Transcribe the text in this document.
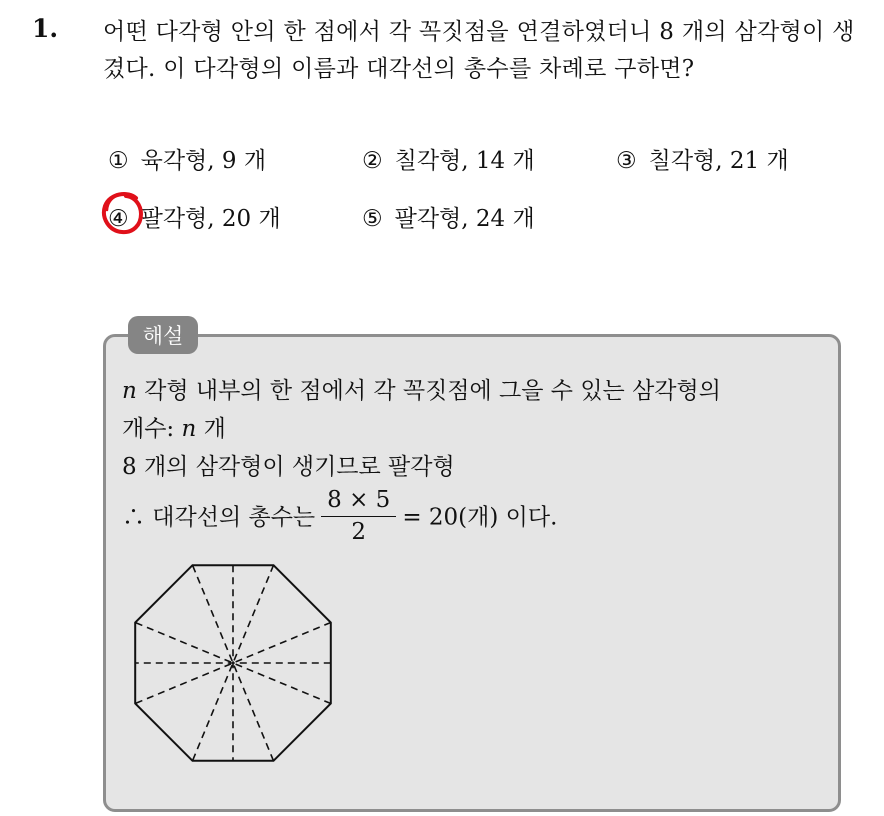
1. 어떤 다각형 안의 한 점에서 각 꼭짓점을 연결하였더니 8 개의 삼각형이 생겼다. 이 다각형의 이름과 대각선의 총수를 차례로 구하면?
① 육각형, 9 개	② 칠각형, 14 개	③ 칠각형, 21 개
④ 팔각형, 20 개	⑤ 팔각형, 24 개
해설
n 각형 내부의 한 점에서 각 꼭짓점에 그을 수 있는 삼각형의
개수: n 개
8 개의 삼각형이 생기므로 팔각형
∴ 대각선의 총수는 $\frac{8 \times 5}{2} = 20$(개) 이다.
